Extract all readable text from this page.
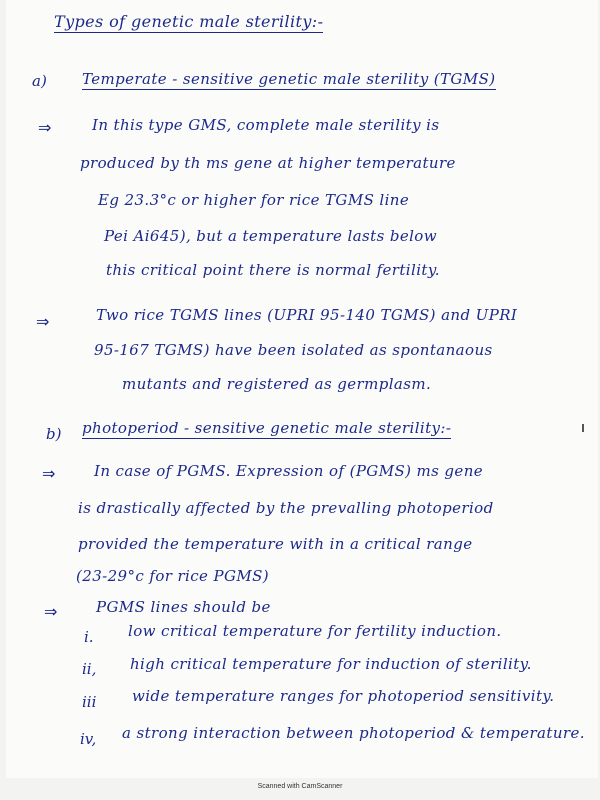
Types of genetic male sterility:-
a) Temperate - sensitive genetic male sterility (TGMS)
⇒	In this type GMS, complete male sterility is
produced by th ms gene at higher temperature
Eg 23.3°c or higher for rice TGMS line
Pei Ai645), but a temperature lasts below
this critical point there is normal fertility.
⇒	Two rice TGMS lines (UPRI 95-140 TGMS) and UPRI
95-167 TGMS) have been isolated as spontanaous
mutants and registered as germplasm.
b) photoperiod - sensitive genetic male sterility:-
⇒	In case of PGMS. Expression of (PGMS) ms gene
is drastically affected by the prevalling photoperiod
provided the temperature with in a critical range
(23-29°c for rice PGMS)
⇒	PGMS lines should be
i. low critical temperature for fertility induction.
ii, high critical temperature for induction of sterility.
iii wide temperature ranges for photoperiod sensitivity.
iv, a strong interaction between photoperiod & temperature.
Scanned with CamScanner
